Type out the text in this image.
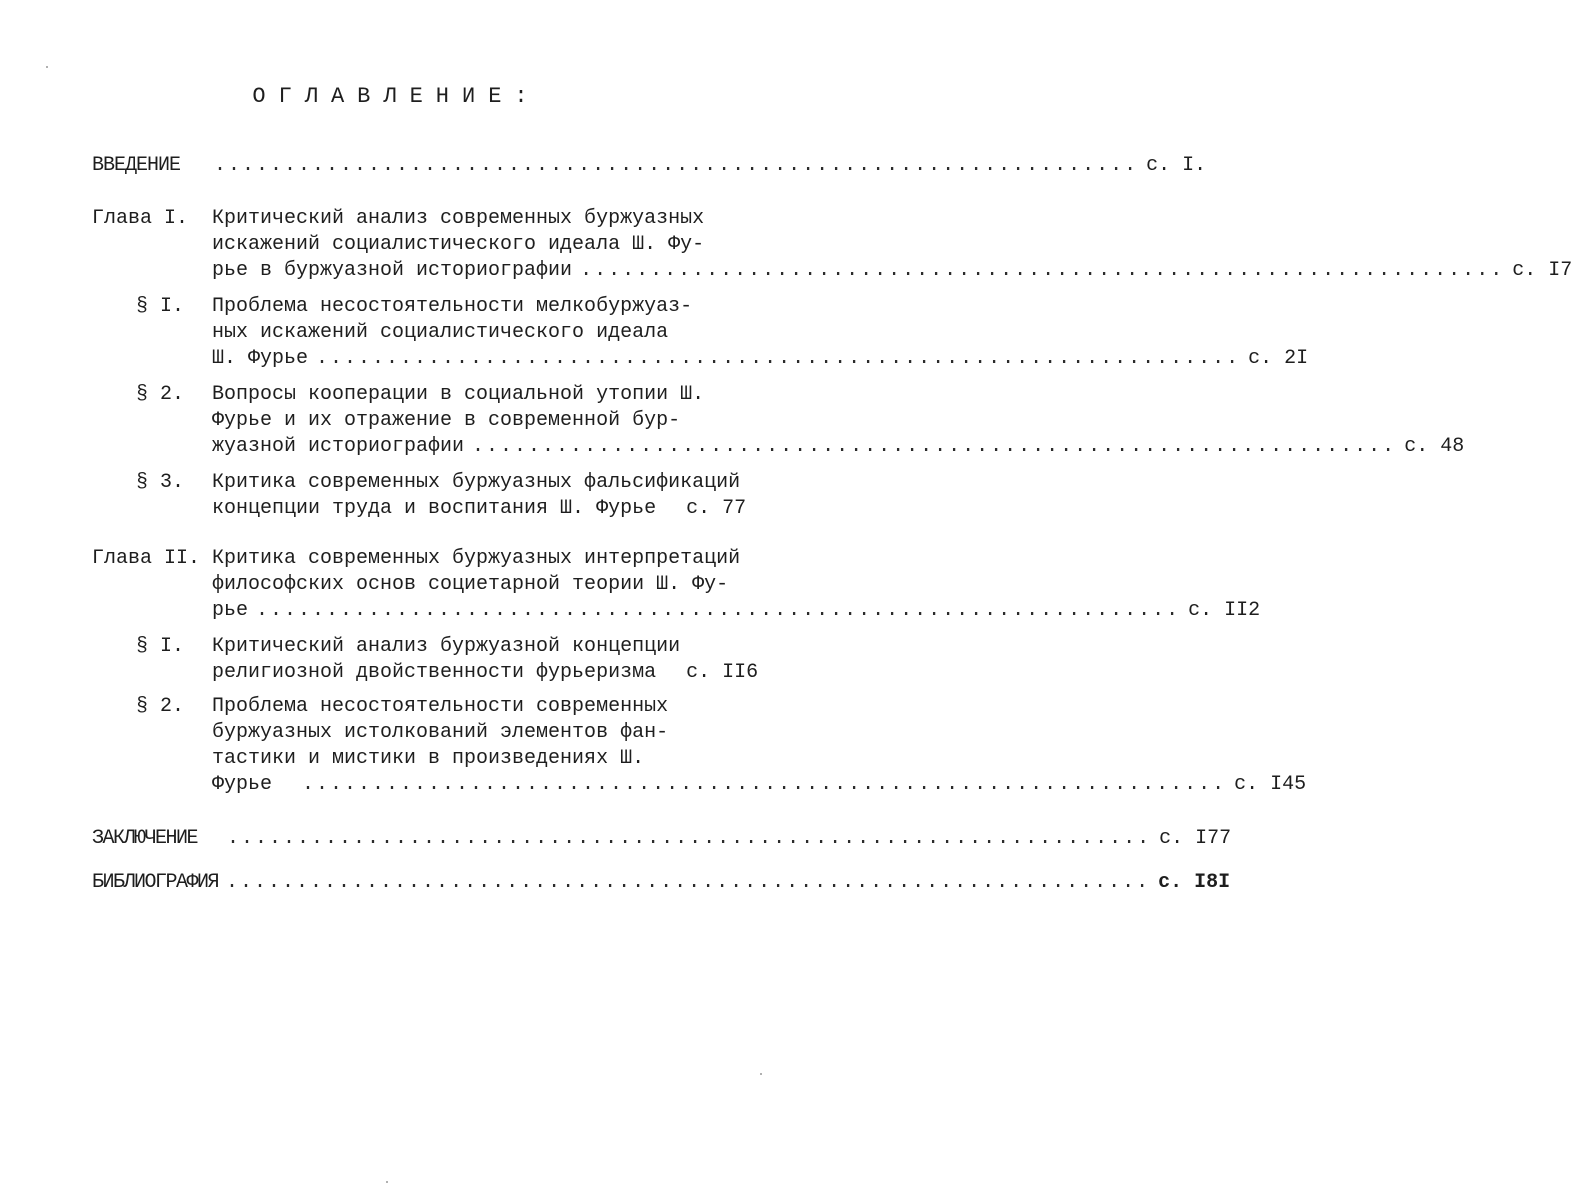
ОГЛАВЛЕНИЕ:
ВВЕДЕНИЕ .................................................................. с. I.
Глава I. Критический анализ современных буржуазных
искажений социалистического идеала Ш. Фу-
рье в буржуазной историографии .................................................................. с. I7
§ I. Проблема несостоятельности мелкобуржуаз-
ных искажений социалистического идеала
Ш. Фурье .................................................................. с. 2I
§ 2. Вопросы кооперации в социальной утопии Ш.
Фурье и их отражение в современной бур-
жуазной историографии .................................................................. с. 48
§ 3. Критика современных буржуазных фальсификаций
концепции труда и воспитания Ш. Фурье с. 77
Глава II. Критика современных буржуазных интерпретаций
философских основ социетарной теории Ш. Фу-
рье .................................................................. с. II2
§ I. Критический анализ буржуазной концепции
религиозной двойственности фурьеризма с. II6
§ 2. Проблема несостоятельности современных
буржуазных истолкований элементов фан-
тастики и мистики в произведениях Ш.
Фурье .................................................................. с. I45
ЗАКЛЮЧЕНИЕ .................................................................. с. I77
БИБЛИОГРАФИЯ .................................................................. с. I8I
